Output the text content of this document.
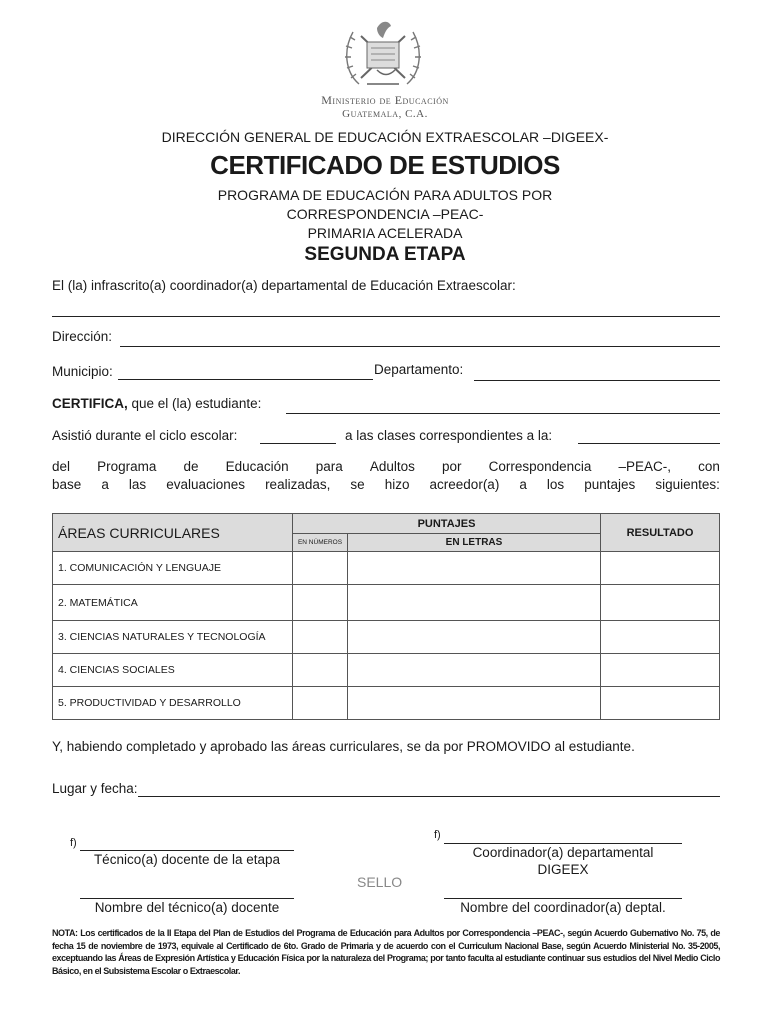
Ministerio de Educación
Guatemala, C.A.
DIRECCIÓN GENERAL DE EDUCACIÓN EXTRAESCOLAR –DIGEEX-
CERTIFICADO DE ESTUDIOS
PROGRAMA DE EDUCACIÓN PARA ADULTOS POR
CORRESPONDENCIA –PEAC-
PRIMARIA ACELERADA
SEGUNDA ETAPA
El (la) infrascrito(a) coordinador(a) departamental de Educación Extraescolar:
Dirección:
Municipio:	Departamento:
CERTIFICA, que el (la) estudiante:
Asistió durante el ciclo escolar:	a las clases correspondientes a la:
del Programa de Educación para Adultos por Correspondencia –PEAC-, con
base a las evaluaciones realizadas, se hizo acreedor(a) a los puntajes siguientes:
ÁREAS CURRICULARES	PUNTAJES		RESULTADO
	EN NÚMEROS	EN LETRAS	
1. COMUNICACIÓN Y LENGUAJE			
2. MATEMÁTICA			
3. CIENCIAS NATURALES Y TECNOLOGÍA			
4. CIENCIAS SOCIALES			
5. PRODUCTIVIDAD Y DESARROLLO			
Y, habiendo completado y aprobado las áreas curriculares, se da por PROMOVIDO al estudiante.
Lugar y fecha:
f)
Técnico(a) docente de la etapa
f)
Coordinador(a) departamental
DIGEEX
SELLO
Nombre del técnico(a) docente	Nombre del coordinador(a) deptal.
NOTA: Los certificados de la II Etapa del Plan de Estudios del Programa de Educación para Adultos por Correspondencia –PEAC-, según Acuerdo Gubernativo No. 75, de fecha 15 de noviembre de 1973, equivale al Certificado de 6to. Grado de Primaria y de acuerdo con el Curriculum Nacional Base, según Acuerdo Ministerial No. 35-2005, exceptuando las Áreas de Expresión Artística y Educación Física por la naturaleza del Programa; por tanto faculta al estudiante continuar sus estudios del Nivel Medio Ciclo Básico, en el Subsistema Escolar o Extraescolar.
